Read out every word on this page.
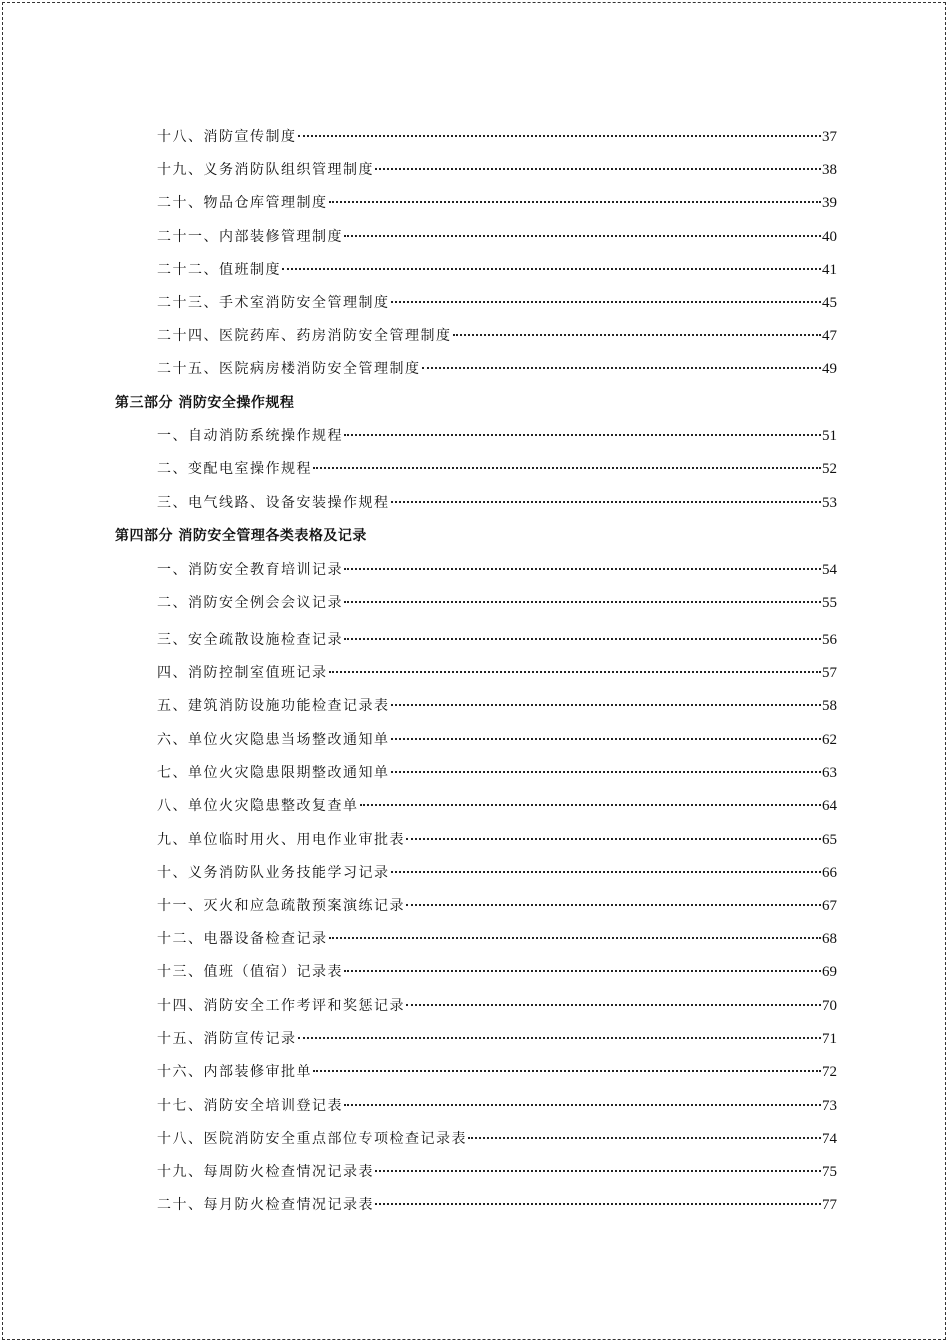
十八、消防宣传制度	37
十九、义务消防队组织管理制度	38
二十、物品仓库管理制度	39
二十一、内部装修管理制度	40
二十二、值班制度	41
二十三、手术室消防安全管理制度	45
二十四、医院药库、药房消防安全管理制度	47
二十五、医院病房楼消防安全管理制度	49
第三部分 消防安全操作规程
一、自动消防系统操作规程	51
二、变配电室操作规程	52
三、电气线路、设备安装操作规程	53
第四部分 消防安全管理各类表格及记录
一、消防安全教育培训记录	54
二、消防安全例会会议记录	55
三、安全疏散设施检查记录	56
四、消防控制室值班记录	57
五、建筑消防设施功能检查记录表	58
六、单位火灾隐患当场整改通知单	62
七、单位火灾隐患限期整改通知单	63
八、单位火灾隐患整改复查单	64
九、单位临时用火、用电作业审批表	65
十、义务消防队业务技能学习记录	66
十一、灭火和应急疏散预案演练记录	67
十二、电器设备检查记录	68
十三、值班（值宿）记录表	69
十四、消防安全工作考评和奖惩记录	70
十五、消防宣传记录	71
十六、内部装修审批单	72
十七、消防安全培训登记表	73
十八、医院消防安全重点部位专项检查记录表	74
十九、每周防火检查情况记录表	75
二十、每月防火检查情况记录表	77
